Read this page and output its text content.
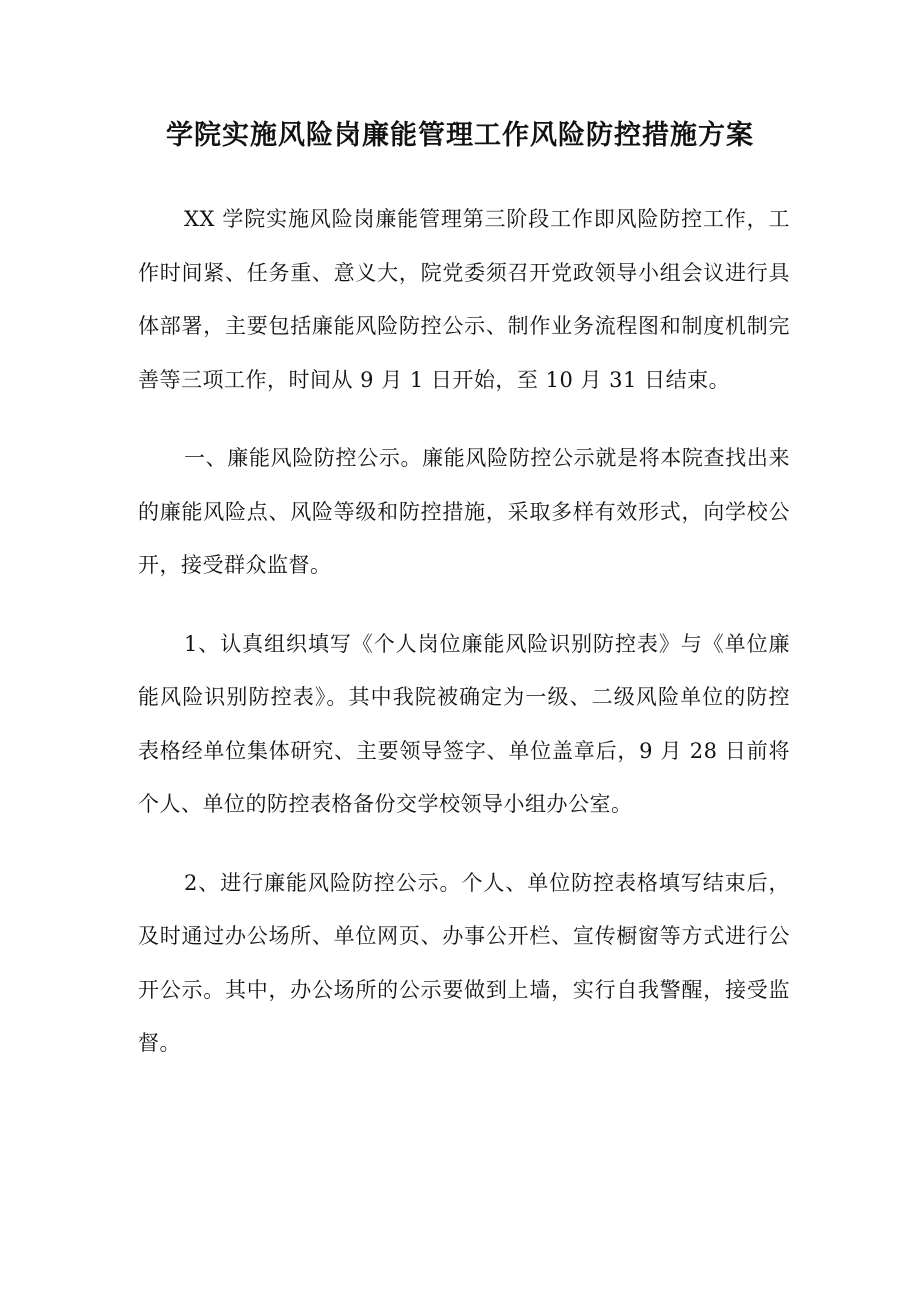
学院实施风险岗廉能管理工作风险防控措施方案

XX 学院实施风险岗廉能管理第三阶段工作即风险防控工作，工作时间紧、任务重、意义大，院党委须召开党政领导小组会议进行具体部署，主要包括廉能风险防控公示、制作业务流程图和制度机制完善等三项工作，时间从 9 月 1 日开始，至 10 月 31 日结束。

一、廉能风险防控公示。廉能风险防控公示就是将本院查找出来的廉能风险点、风险等级和防控措施，采取多样有效形式，向学校公开，接受群众监督。

1、认真组织填写《个人岗位廉能风险识别防控表》与《单位廉能风险识别防控表》。其中我院被确定为一级、二级风险单位的防控表格经单位集体研究、主要领导签字、单位盖章后，9 月 28 日前将个人、单位的防控表格备份交学校领导小组办公室。

2、进行廉能风险防控公示。个人、单位防控表格填写结束后，及时通过办公场所、单位网页、办事公开栏、宣传橱窗等方式进行公开公示。其中，办公场所的公示要做到上墙，实行自我警醒，接受监督。
